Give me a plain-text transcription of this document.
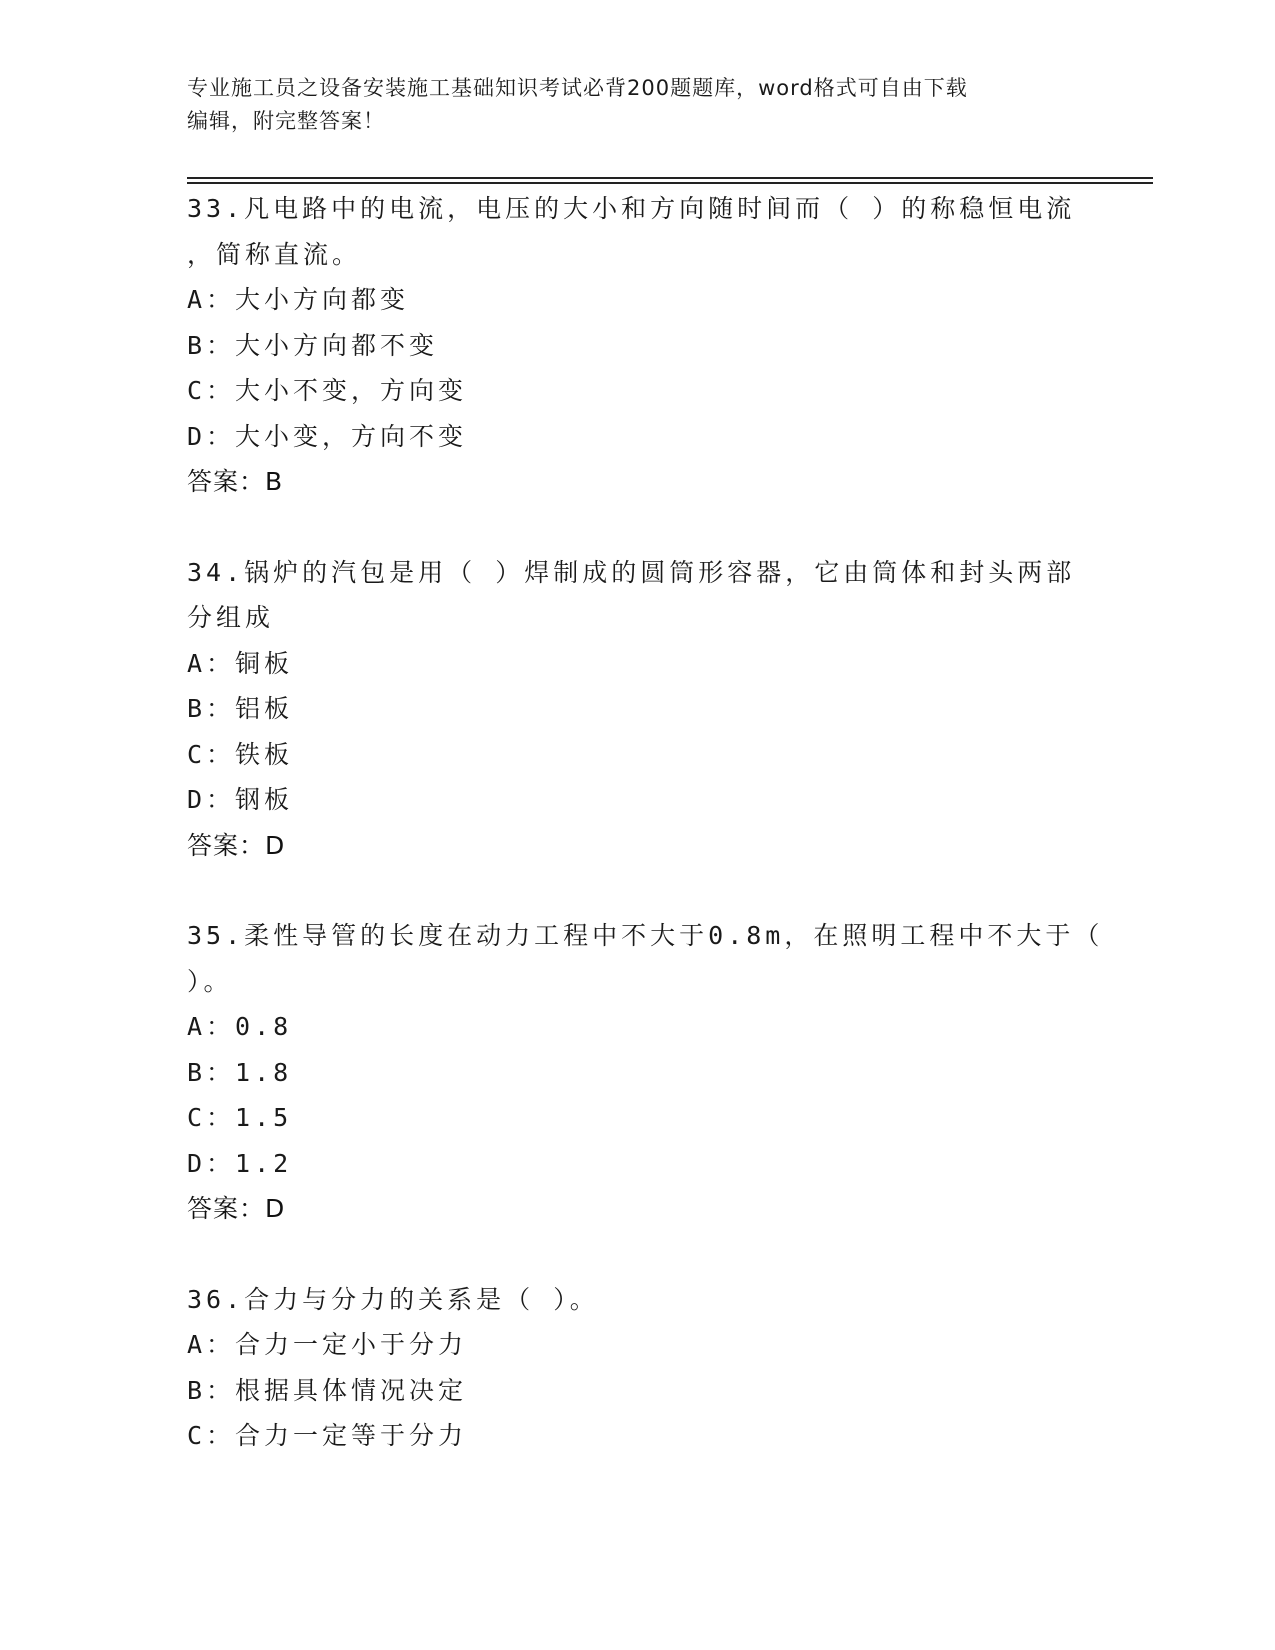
专业施工员之设备安装施工基础知识考试必背200题题库，word格式可自由下载
编辑，附完整答案！
33.凡电路中的电流，电压的大小和方向随时间而（ ）的称稳恒电流
，简称直流。
A：大小方向都变
B：大小方向都不变
C：大小不变，方向变
D：大小变，方向不变
答案：B
34.锅炉的汽包是用（ ）焊制成的圆筒形容器，它由筒体和封头两部
分组成
A：铜板
B：铝板
C：铁板
D：钢板
答案：D
35.柔性导管的长度在动力工程中不大于0.8m，在照明工程中不大于（
）。
A：0.8
B：1.8
C：1.5
D：1.2
答案：D
36.合力与分力的关系是（ ）。
A：合力一定小于分力
B：根据具体情况决定
C：合力一定等于分力
